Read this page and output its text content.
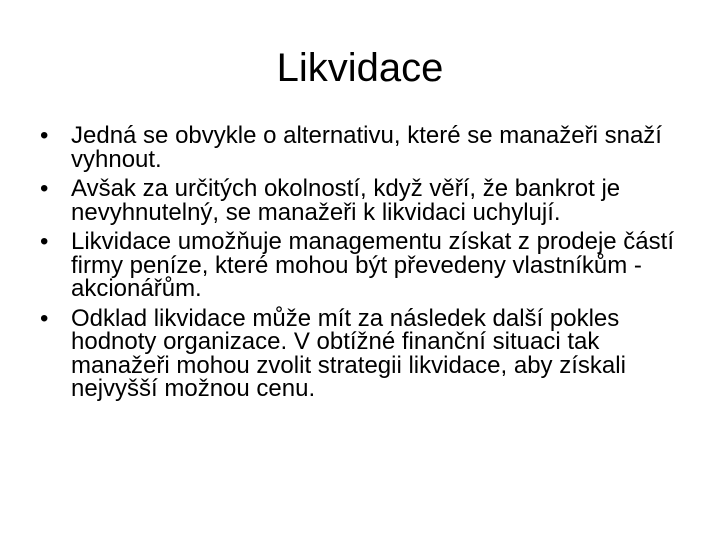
Likvidace
• Jedná se obvykle o alternativu, které se manažeři snaží vyhnout.
• Avšak za určitých okolností, když věří, že bankrot je nevyhnutelný, se manažeři k likvidaci uchylují.
• Likvidace umožňuje managementu získat z prodeje částí firmy peníze, které mohou být převedeny vlastníkům - akcionářům.
• Odklad likvidace může mít za následek další pokles hodnoty organizace. V obtížné finanční situaci tak manažeři mohou zvolit strategii likvidace, aby získali nejvyšší možnou cenu.
